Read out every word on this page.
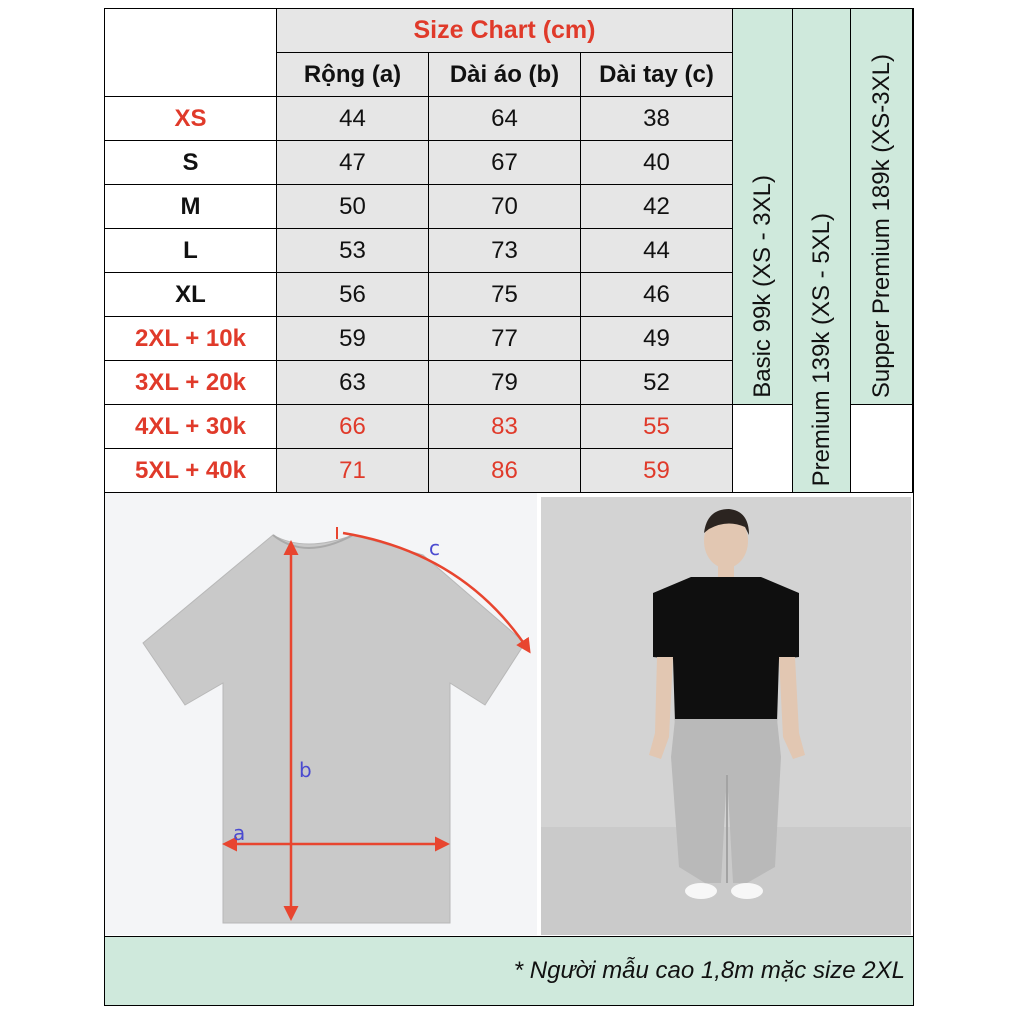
Size Chart (cm)
Rộng (a)	Dài áo (b)	Dài tay (c)
XS	44	64	38
S	47	67	40
M	50	70	42
L	53	73	44
XL	56	75	46
2XL + 10k	59	77	49
3XL + 20k	63	79	52
4XL + 30k	66	83	55
5XL + 40k	71	86	59
Basic 99k (XS - 3XL) Premium 139k (XS - 5XL) Supper Premium 189k (XS-3XL)
b
a
c
* Người mẫu cao 1,8m mặc size 2XL
